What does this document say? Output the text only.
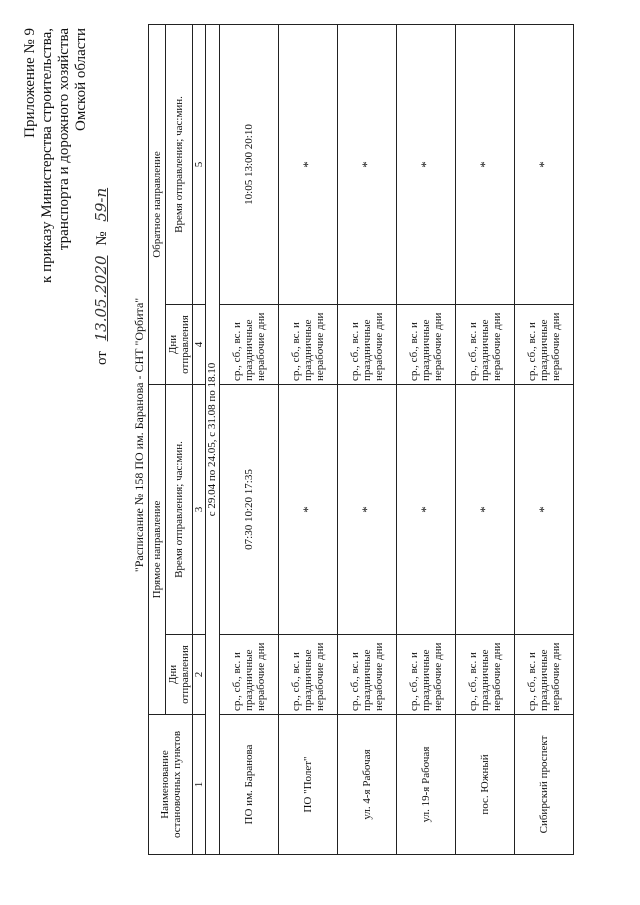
Приложение № 9 к приказу Министерства строительства, транспорта и дорожного хозяйства Омской области
от 13.05.2020 № 59-п
"Расписание № 158 ПО им. Баранова - СНТ "Орбита"
Наименование остановочных пунктов	Прямое направление		Обратное направление	
	Дни отправления	Время отправления; час:мин.	Дни отправления	Время отправления; час:мин.
1	2	3	4	5
с 29.04 по 24.05, с 31.08 по 18.10				
ПО им. Баранова	ср., сб., вс. и праздничные нерабочие дни	07:30 10:20 17:35	ср., сб., вс. и праздничные нерабочие дни	10:05 13:00 20:10
ПО "Полет"	ср., сб., вс. и праздничные нерабочие дни	*	ср., сб., вс. и праздничные нерабочие дни	*
ул. 4-я Рабочая	ср., сб., вс. и праздничные нерабочие дни	*	ср., сб., вс. и праздничные нерабочие дни	*
ул. 19-я Рабочая	ср., сб., вс. и праздничные нерабочие дни	*	ср., сб., вс. и праздничные нерабочие дни	*
пос. Южный	ср., сб., вс. и праздничные нерабочие дни	*	ср., сб., вс. и праздничные нерабочие дни	*
Сибирский проспект	ср., сб., вс. и праздничные нерабочие дни	*	ср., сб., вс. и праздничные нерабочие дни	*
